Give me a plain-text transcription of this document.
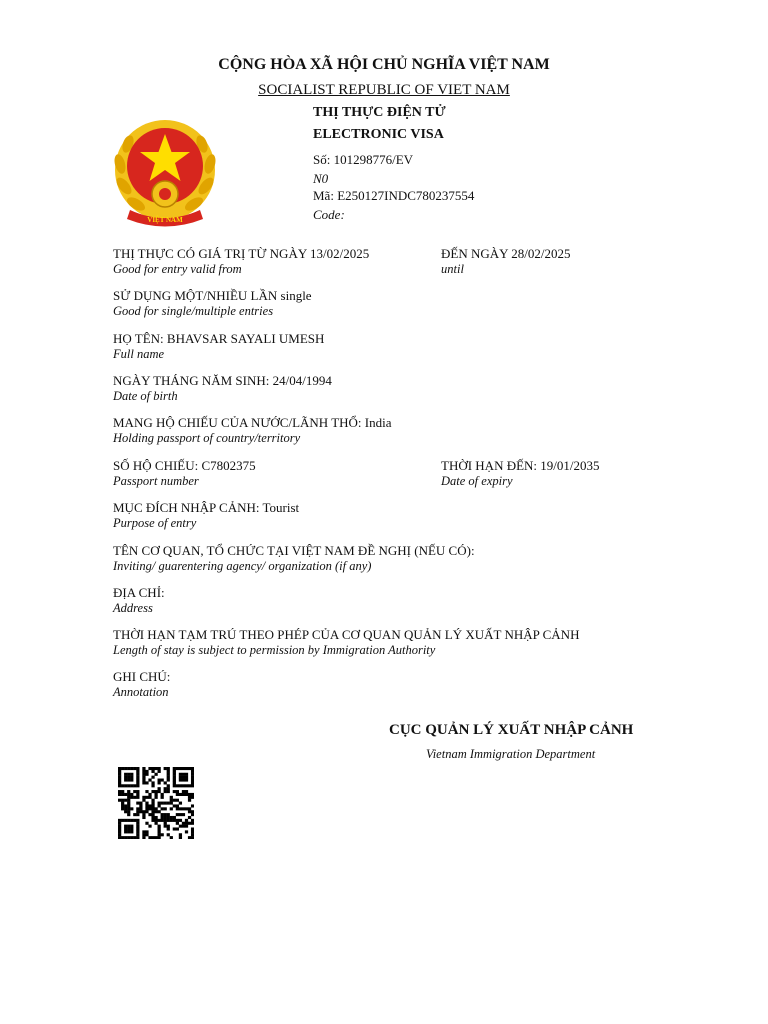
CỘNG HÒA XÃ HỘI CHỦ NGHĨA VIỆT NAM
SOCIALIST REPUBLIC OF VIET NAM
THỊ THỰC ĐIỆN TỬ
ELECTRONIC VISA
Số: 101298776/EV
N0
Mã: E250127INDC780237554
Code:
VIỆT NAM
THỊ THỰC CÓ GIÁ TRỊ TỪ NGÀY 13/02/2025
Good for entry valid from
ĐẾN NGÀY 28/02/2025
until
SỬ DỤNG MỘT/NHIỀU LẦN single
Good for single/multiple entries
HỌ TÊN: BHAVSAR SAYALI UMESH
Full name
NGÀY THÁNG NĂM SINH: 24/04/1994
Date of birth
MANG HỘ CHIẾU CỦA NƯỚC/LÃNH THỔ: India
Holding passport of country/territory
SỐ HỘ CHIẾU: C7802375
Passport number
THỜI HẠN ĐẾN: 19/01/2035
Date of expiry
MỤC ĐÍCH NHẬP CẢNH: Tourist
Purpose of entry
TÊN CƠ QUAN, TỔ CHỨC TẠI VIỆT NAM ĐỀ NGHỊ (NẾU CÓ):
Inviting/ guarentering agency/ organization (if any)
ĐỊA CHỈ:
Address
THỜI HẠN TẠM TRÚ THEO PHÉP CỦA CƠ QUAN QUẢN LÝ XUẤT NHẬP CẢNH
Length of stay is subject to permission by Immigration Authority
GHI CHÚ:
Annotation
CỤC QUẢN LÝ XUẤT NHẬP CẢNH
Vietnam Immigration Department
